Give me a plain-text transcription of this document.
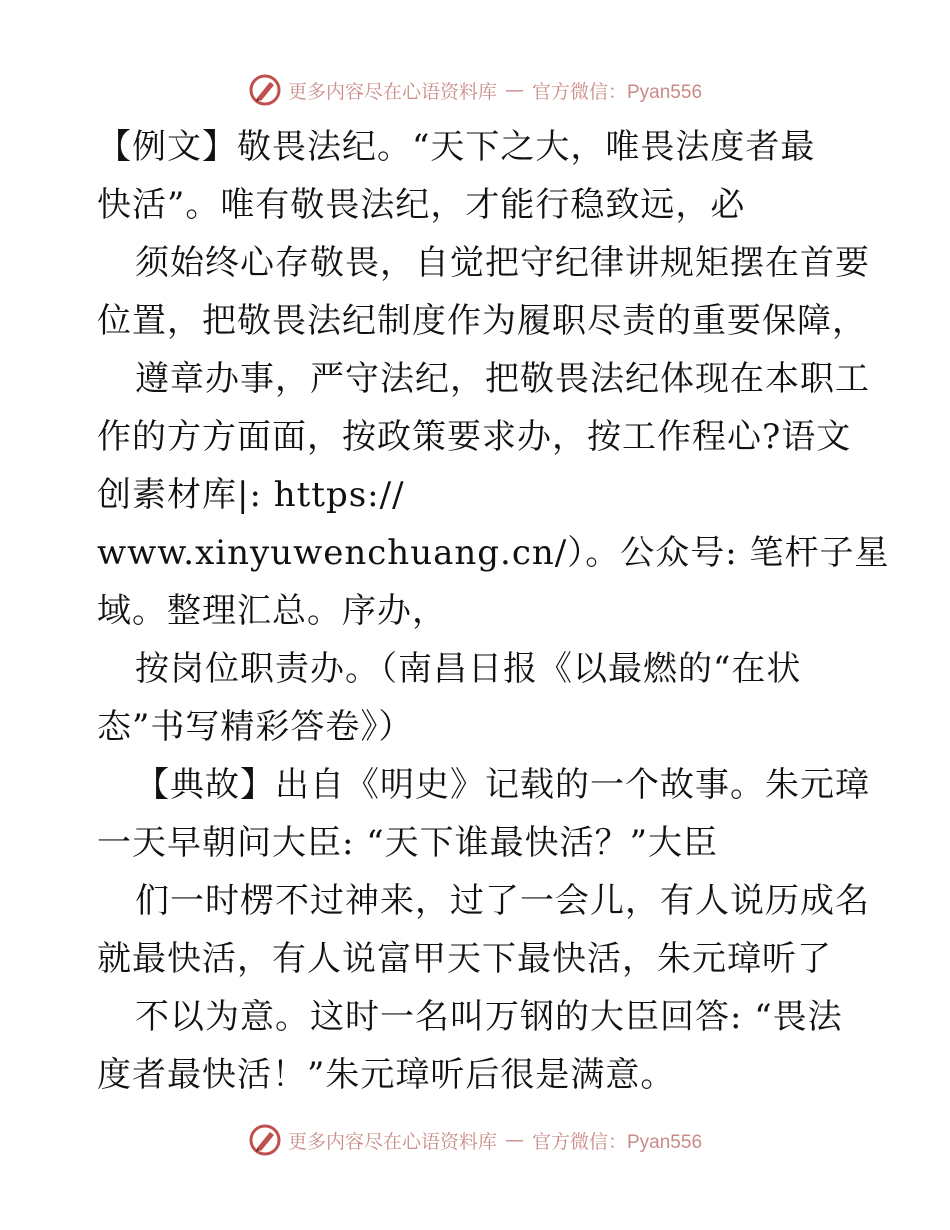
更多内容尽在心语资料库 — 官方微信：Pyan556
【例文】敬畏法纪。“天下之大，唯畏法度者最
快活”。唯有敬畏法纪，才能行稳致远，必
须始终心存敬畏，自觉把守纪律讲规矩摆在首要
位置，把敬畏法纪制度作为履职尽责的重要保障，
遵章办事，严守法纪，把敬畏法纪体现在本职工
作的方方面面，按政策要求办，按工作程心?语文
创素材库|: https://
www.xinyuwenchuang.cn/）。公众号: 笔杆子星
域。整理汇总。序办，
按岗位职责办。（南昌日报《以最燃的“在状
态”书写精彩答卷》）
【典故】出自《明史》记载的一个故事。朱元璋
一天早朝问大臣: “天下谁最快活？”大臣
们一时楞不过神来，过了一会儿，有人说历成名
就最快活，有人说富甲天下最快活，朱元璋听了
不以为意。这时一名叫万钢的大臣回答: “畏法
度者最快活！”朱元璋听后很是满意。
更多内容尽在心语资料库 — 官方微信：Pyan556
